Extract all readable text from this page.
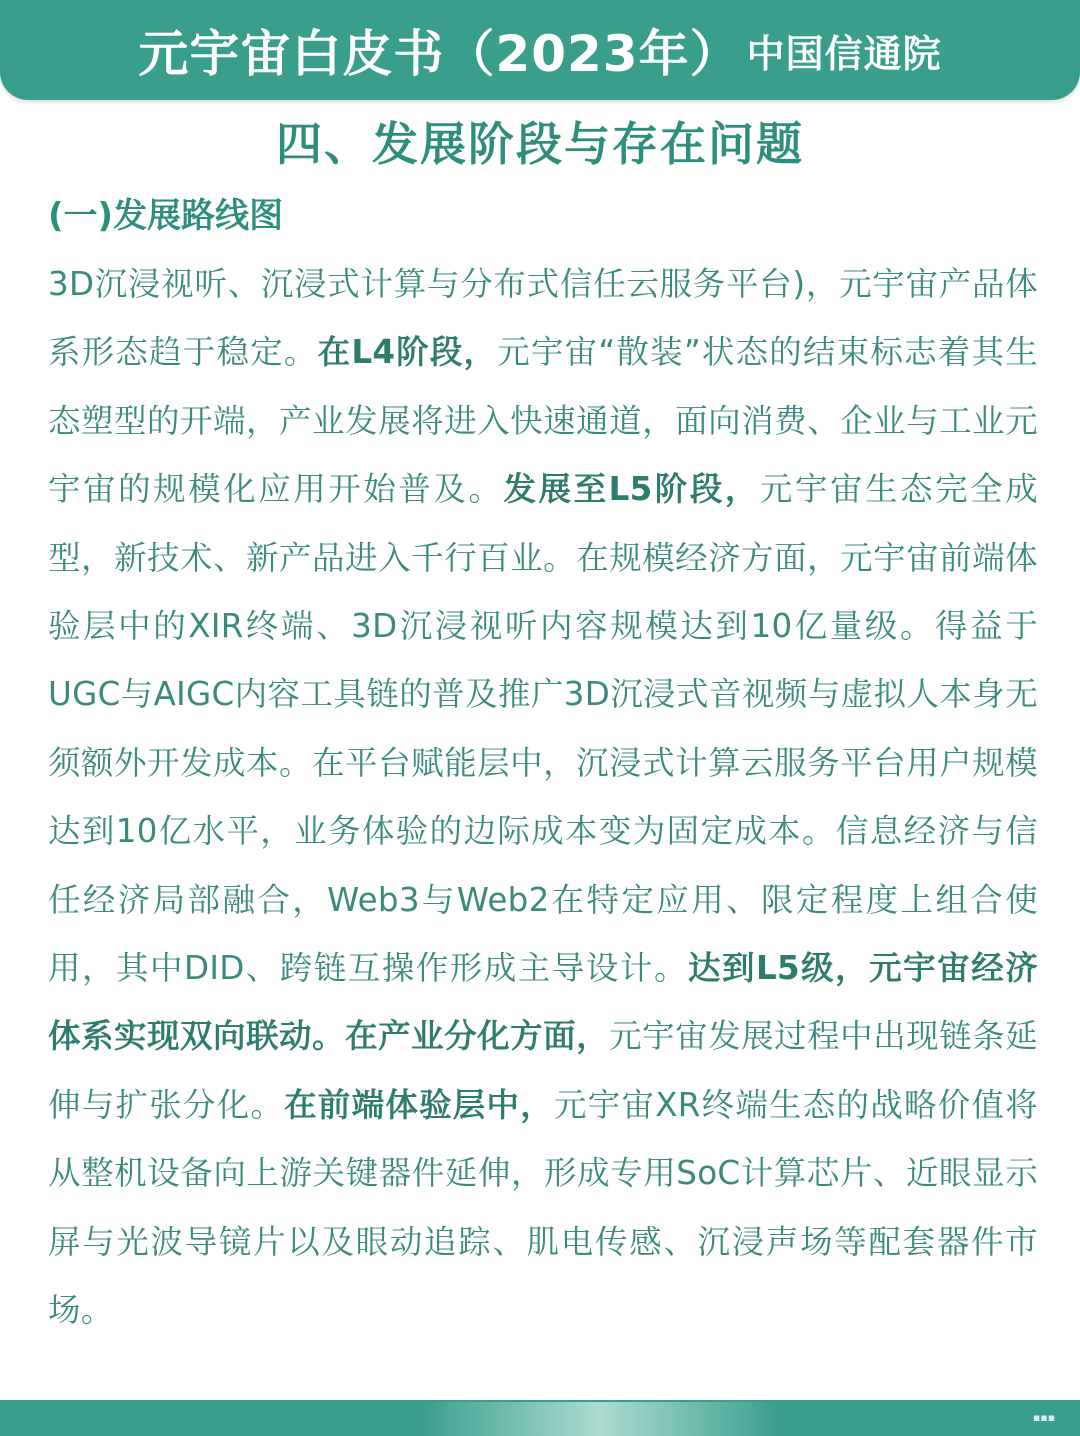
元宇宙白皮书（2023年） 中国信通院
四、发展阶段与存在问题
(一)发展路线图
3D沉浸视听、沉浸式计算与分布式信任云服务平台)，元宇宙产品体系形态趋于稳定。在L4阶段，元宇宙“散装”状态的结束标志着其生态塑型的开端，产业发展将进入快速通道，面向消费、企业与工业元宇宙的规模化应用开始普及。发展至L5阶段，元宇宙生态完全成型，新技术、新产品进入千行百业。在规模经济方面，元宇宙前端体验层中的XIR终端、3D沉浸视听内容规模达到10亿量级。得益于UGC与AIGC内容工具链的普及推广3D沉浸式音视频与虚拟人本身无须额外开发成本。在平台赋能层中，沉浸式计算云服务平台用户规模达到10亿水平，业务体验的边际成本变为固定成本。信息经济与信任经济局部融合，Web3与Web2在特定应用、限定程度上组合使用，其中DID、跨链互操作形成主导设计。达到L5级，元宇宙经济体系实现双向联动。在产业分化方面，元宇宙发展过程中出现链条延伸与扩张分化。在前端体验层中，元宇宙XR终端生态的战略价值将从整机设备向上游关键器件延伸，形成专用SoC计算芯片、近眼显示屏与光波导镜片以及眼动追踪、肌电传感、沉浸声场等配套器件市场。
▪▪▪
